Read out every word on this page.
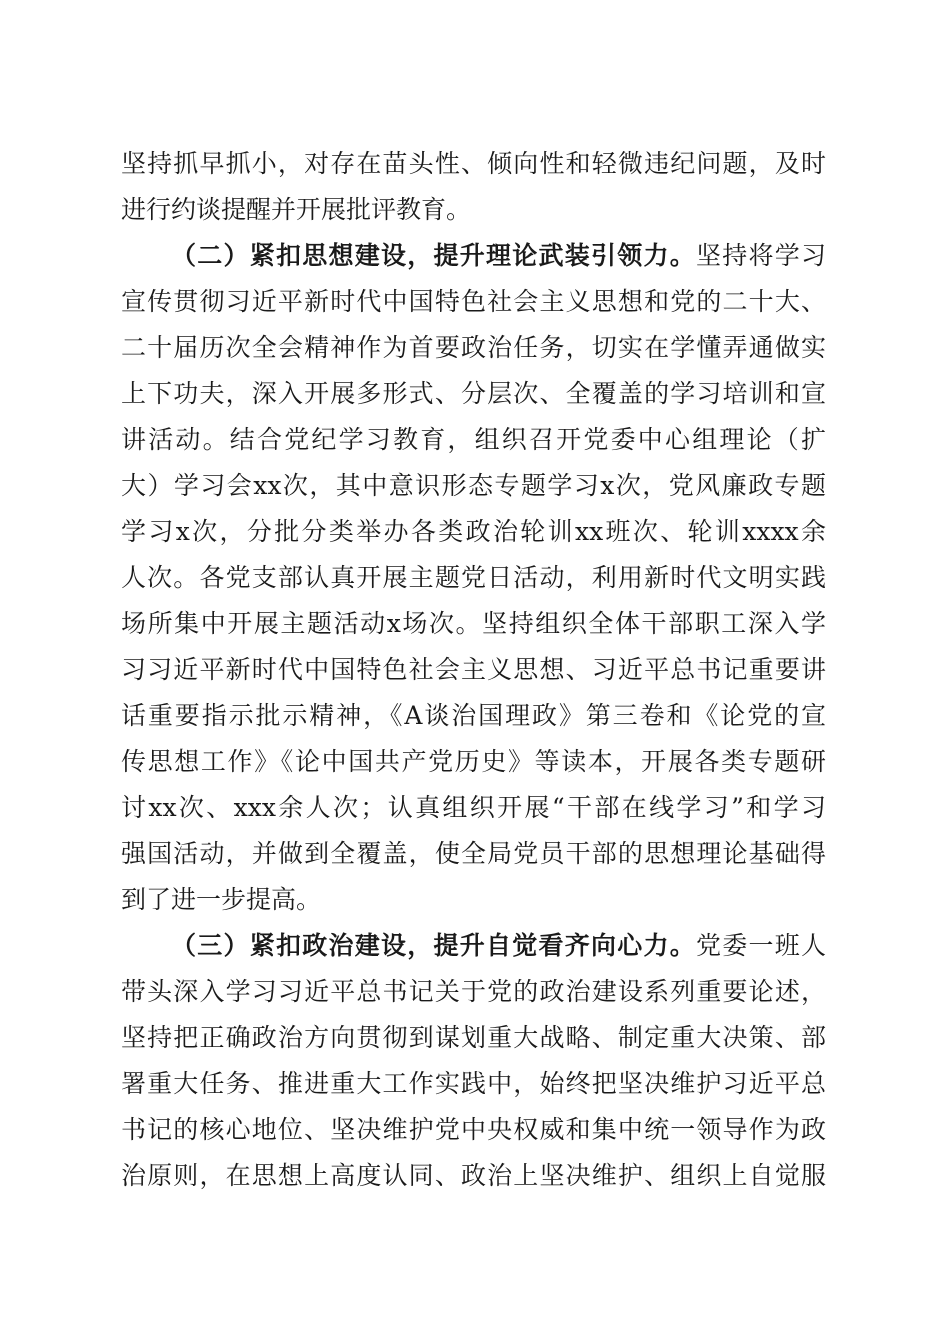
坚持抓早抓小，对存在苗头性、倾向性和轻微违纪问题，及时
进行约谈提醒并开展批评教育。
（二）紧扣思想建设，提升理论武装引领力。坚持将学习
宣传贯彻习近平新时代中国特色社会主义思想和党的二十大、
二十届历次全会精神作为首要政治任务，切实在学懂弄通做实
上下功夫，深入开展多形式、分层次、全覆盖的学习培训和宣
讲活动。结合党纪学习教育，组织召开党委中心组理论（扩
大）学习会xx次，其中意识形态专题学习x次，党风廉政专题
学习x次，分批分类举办各类政治轮训xx班次、轮训xxxx余
人次。各党支部认真开展主题党日活动，利用新时代文明实践
场所集中开展主题活动x场次。坚持组织全体干部职工深入学
习习近平新时代中国特色社会主义思想、习近平总书记重要讲
话重要指示批示精神，《A谈治国理政》第三卷和《论党的宣
传思想工作》《论中国共产党历史》等读本，开展各类专题研
讨xx次、xxx余人次；认真组织开展“干部在线学习”和学习
强国活动，并做到全覆盖，使全局党员干部的思想理论基础得
到了进一步提高。
（三）紧扣政治建设，提升自觉看齐向心力。党委一班人
带头深入学习习近平总书记关于党的政治建设系列重要论述，
坚持把正确政治方向贯彻到谋划重大战略、制定重大决策、部
署重大任务、推进重大工作实践中，始终把坚决维护习近平总
书记的核心地位、坚决维护党中央权威和集中统一领导作为政
治原则，在思想上高度认同、政治上坚决维护、组织上自觉服
